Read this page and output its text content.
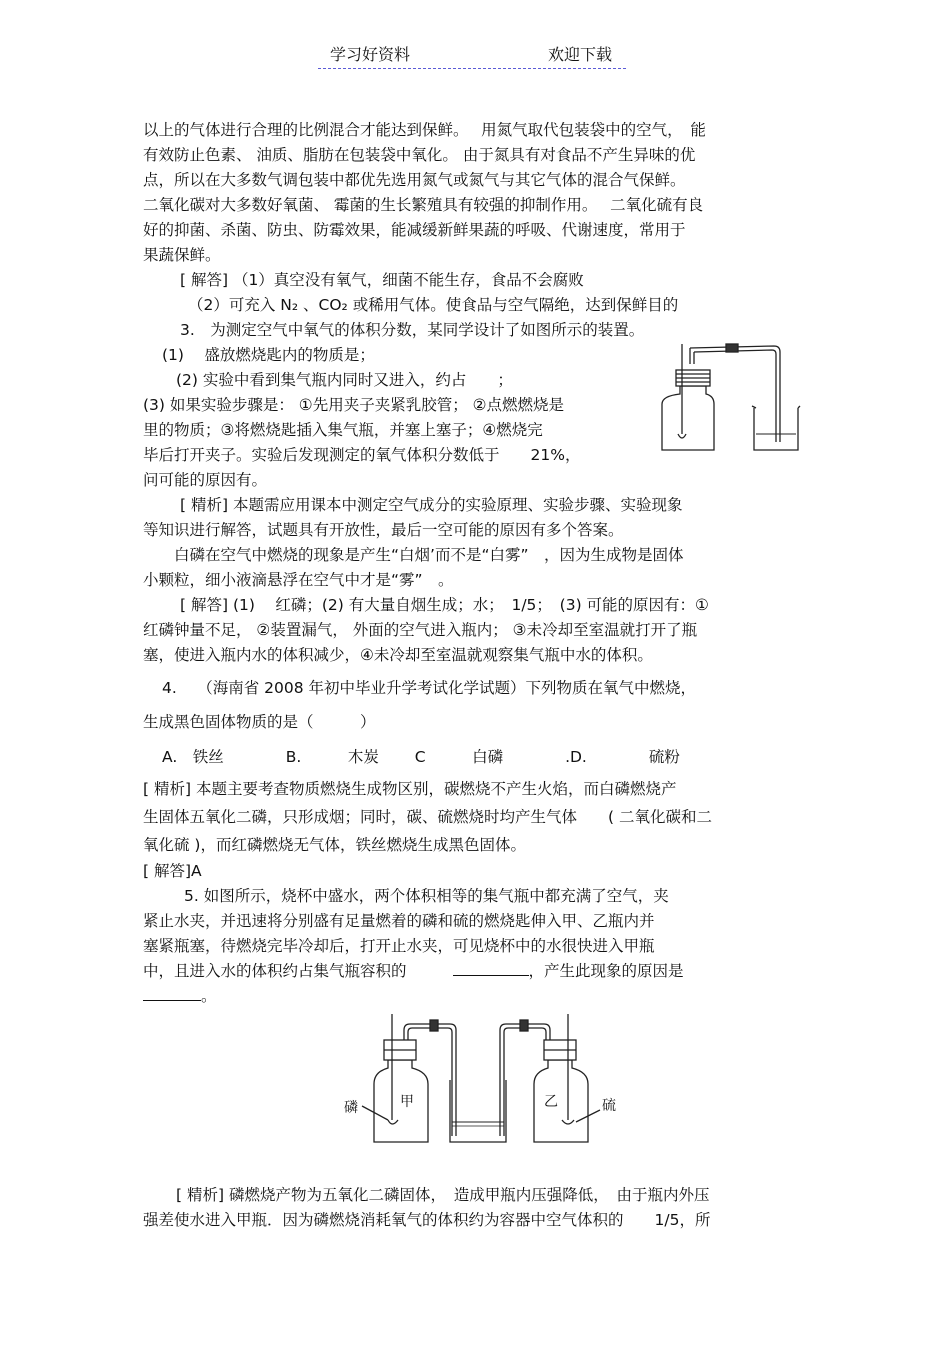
学习好资料	欢迎下载
以上的气体进行合理的比例混合才能达到保鲜。　 用氮气取代包装袋中的空气，　能
有效防止色素、 油质、脂肪在包装袋中氧化。 由于氮具有对食品不产生异味的优
点，所以在大多数气调包装中都优先选用氮气或氮气与其它气体的混合气保鲜。
二氧化碳对大多数好氧菌、 霉菌的生长繁殖具有较强的抑制作用。　 二氧化硫有良
好的抑菌、杀菌、防虫、防霉效果，能减缓新鲜果蔬的呼吸、代谢速度，常用于
果蔬保鲜。
[ 解答] （1）真空没有氧气，细菌不能生存，食品不会腐败
（2）可充入 N₂ 、CO₂ 或稀用气体。使食品与空气隔绝，达到保鲜目的
3.　为测定空气中氧气的体积分数，某同学设计了如图所示的装置。
(1)　 盛放燃烧匙内的物质是；
(2) 实验中看到集气瓶内同时又进入，约占　　；
(3) 如果实验步骤是： ①先用夹子夹紧乳胶管； ②点燃燃烧是
里的物质；③将燃烧匙插入集气瓶，并塞上塞子；④燃烧完
毕后打开夹子。实验后发现测定的氧气体积分数低于　　21%，
问可能的原因有。
[ 精析] 本题需应用课本中测定空气成分的实验原理、实验步骤、实验现象
等知识进行解答，试题具有开放性，最后一空可能的原因有多个答案。
白磷在空气中燃烧的现象是产生“白烟’而不是“白雾”　，因为生成物是固体
小颗粒，细小液滴悬浮在空气中才是“雾”　。
[ 解答] (1)　 红磷；(2) 有大量自烟生成；水；　1/5；　(3) 可能的原因有：①
红磷钟量不足， ②装置漏气， 外面的空气进入瓶内； ③未冷却至室温就打开了瓶
塞，使进入瓶内水的体积减少，④未冷却至室温就观察集气瓶中水的体积。
4.　 （海南省 2008 年初中毕业升学考试化学试题）下列物质在氧气中燃烧，
生成黑色固体物质的是（　　　）
A.　铁丝　　　　B.　　　木炭　　 C　　　白磷　　　　.D.　　　　硫粉
[ 精析] 本题主要考查物质燃烧生成物区别，碳燃烧不产生火焰，而白磷燃烧产
生固体五氧化二磷，只形成烟；同时，碳、硫燃烧时均产生气体　　( 二氧化碳和二
氧化硫 )，而红磷燃烧无气体，铁丝燃烧生成黑色固体。
[ 解答]A
5. 如图所示，烧杯中盛水，两个体积相等的集气瓶中都充满了空气，夹
紧止水夹，并迅速将分别盛有足量燃着的磷和硫的燃烧匙伸入甲、乙瓶内并
塞紧瓶塞，待燃烧完毕冷却后，打开止水夹，可见烧杯中的水很快进入甲瓶
中，且进入水的体积约占集气瓶容积的	，产生此现象的原因是
。
[ 精析] 磷燃烧产物为五氧化二磷固体，　造成甲瓶内压强降低，　由于瓶内外压
强差使水进入甲瓶．因为磷燃烧消耗氧气的体积约为容器中空气体积的　　1/5，所
磷	甲	乙	硫
